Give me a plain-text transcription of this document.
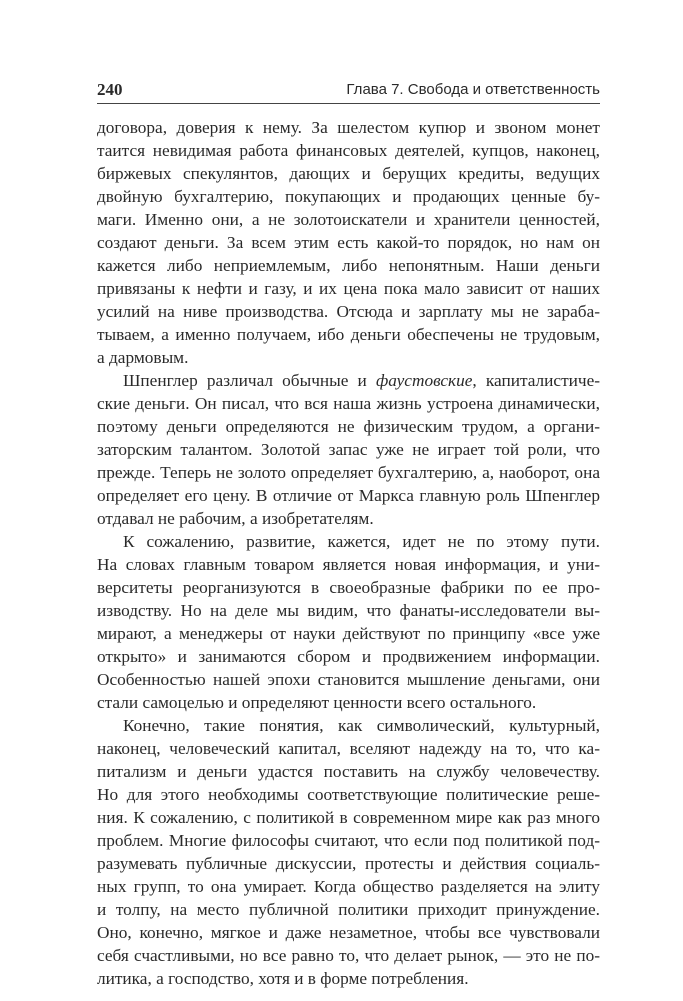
240	Глава 7. Свобода и ответственность
договора, доверия к нему. За шелестом купюр и звоном монет
таится невидимая работа финансовых деятелей, купцов, наконец,
биржевых спекулянтов, дающих и берущих кредиты, ведущих
двойную бухгалтерию, покупающих и продающих ценные бу-
маги. Именно они, а не золотоискатели и хранители ценностей,
создают деньги. За всем этим есть какой-то порядок, но нам он
кажется либо неприемлемым, либо непонятным. Наши деньги
привязаны к нефти и газу, и их цена пока мало зависит от наших
усилий на ниве производства. Отсюда и зарплату мы не зараба-
тываем, а именно получаем, ибо деньги обеспечены не трудовым,
а дармовым.
Шпенглер различал обычные и фаустовские, капиталистиче-
ские деньги. Он писал, что вся наша жизнь устроена динамически,
поэтому деньги определяются не физическим трудом, а органи-
заторским талантом. Золотой запас уже не играет той роли, что
прежде. Теперь не золото определяет бухгалтерию, а, наоборот, она
определяет его цену. В отличие от Маркса главную роль Шпенглер
отдавал не рабочим, а изобретателям.
К сожалению, развитие, кажется, идет не по этому пути.
На словах главным товаром является новая информация, и уни-
верситеты реорганизуются в своеобразные фабрики по ее про-
изводству. Но на деле мы видим, что фанаты-исследователи вы-
мирают, а менеджеры от науки действуют по принципу «все уже
открыто» и занимаются сбором и продвижением информации.
Особенностью нашей эпохи становится мышление деньгами, они
стали самоцелью и определяют ценности всего остального.
Конечно, такие понятия, как символический, культурный,
наконец, человеческий капитал, вселяют надежду на то, что ка-
питализм и деньги удастся поставить на службу человечеству.
Но для этого необходимы соответствующие политические реше-
ния. К сожалению, с политикой в современном мире как раз много
проблем. Многие философы считают, что если под политикой под-
разумевать публичные дискуссии, протесты и действия социаль-
ных групп, то она умирает. Когда общество разделяется на элиту
и толпу, на место публичной политики приходит принуждение.
Оно, конечно, мягкое и даже незаметное, чтобы все чувствовали
себя счастливыми, но все равно то, что делает рынок, — это не по-
литика, а господство, хотя и в форме потребления.
